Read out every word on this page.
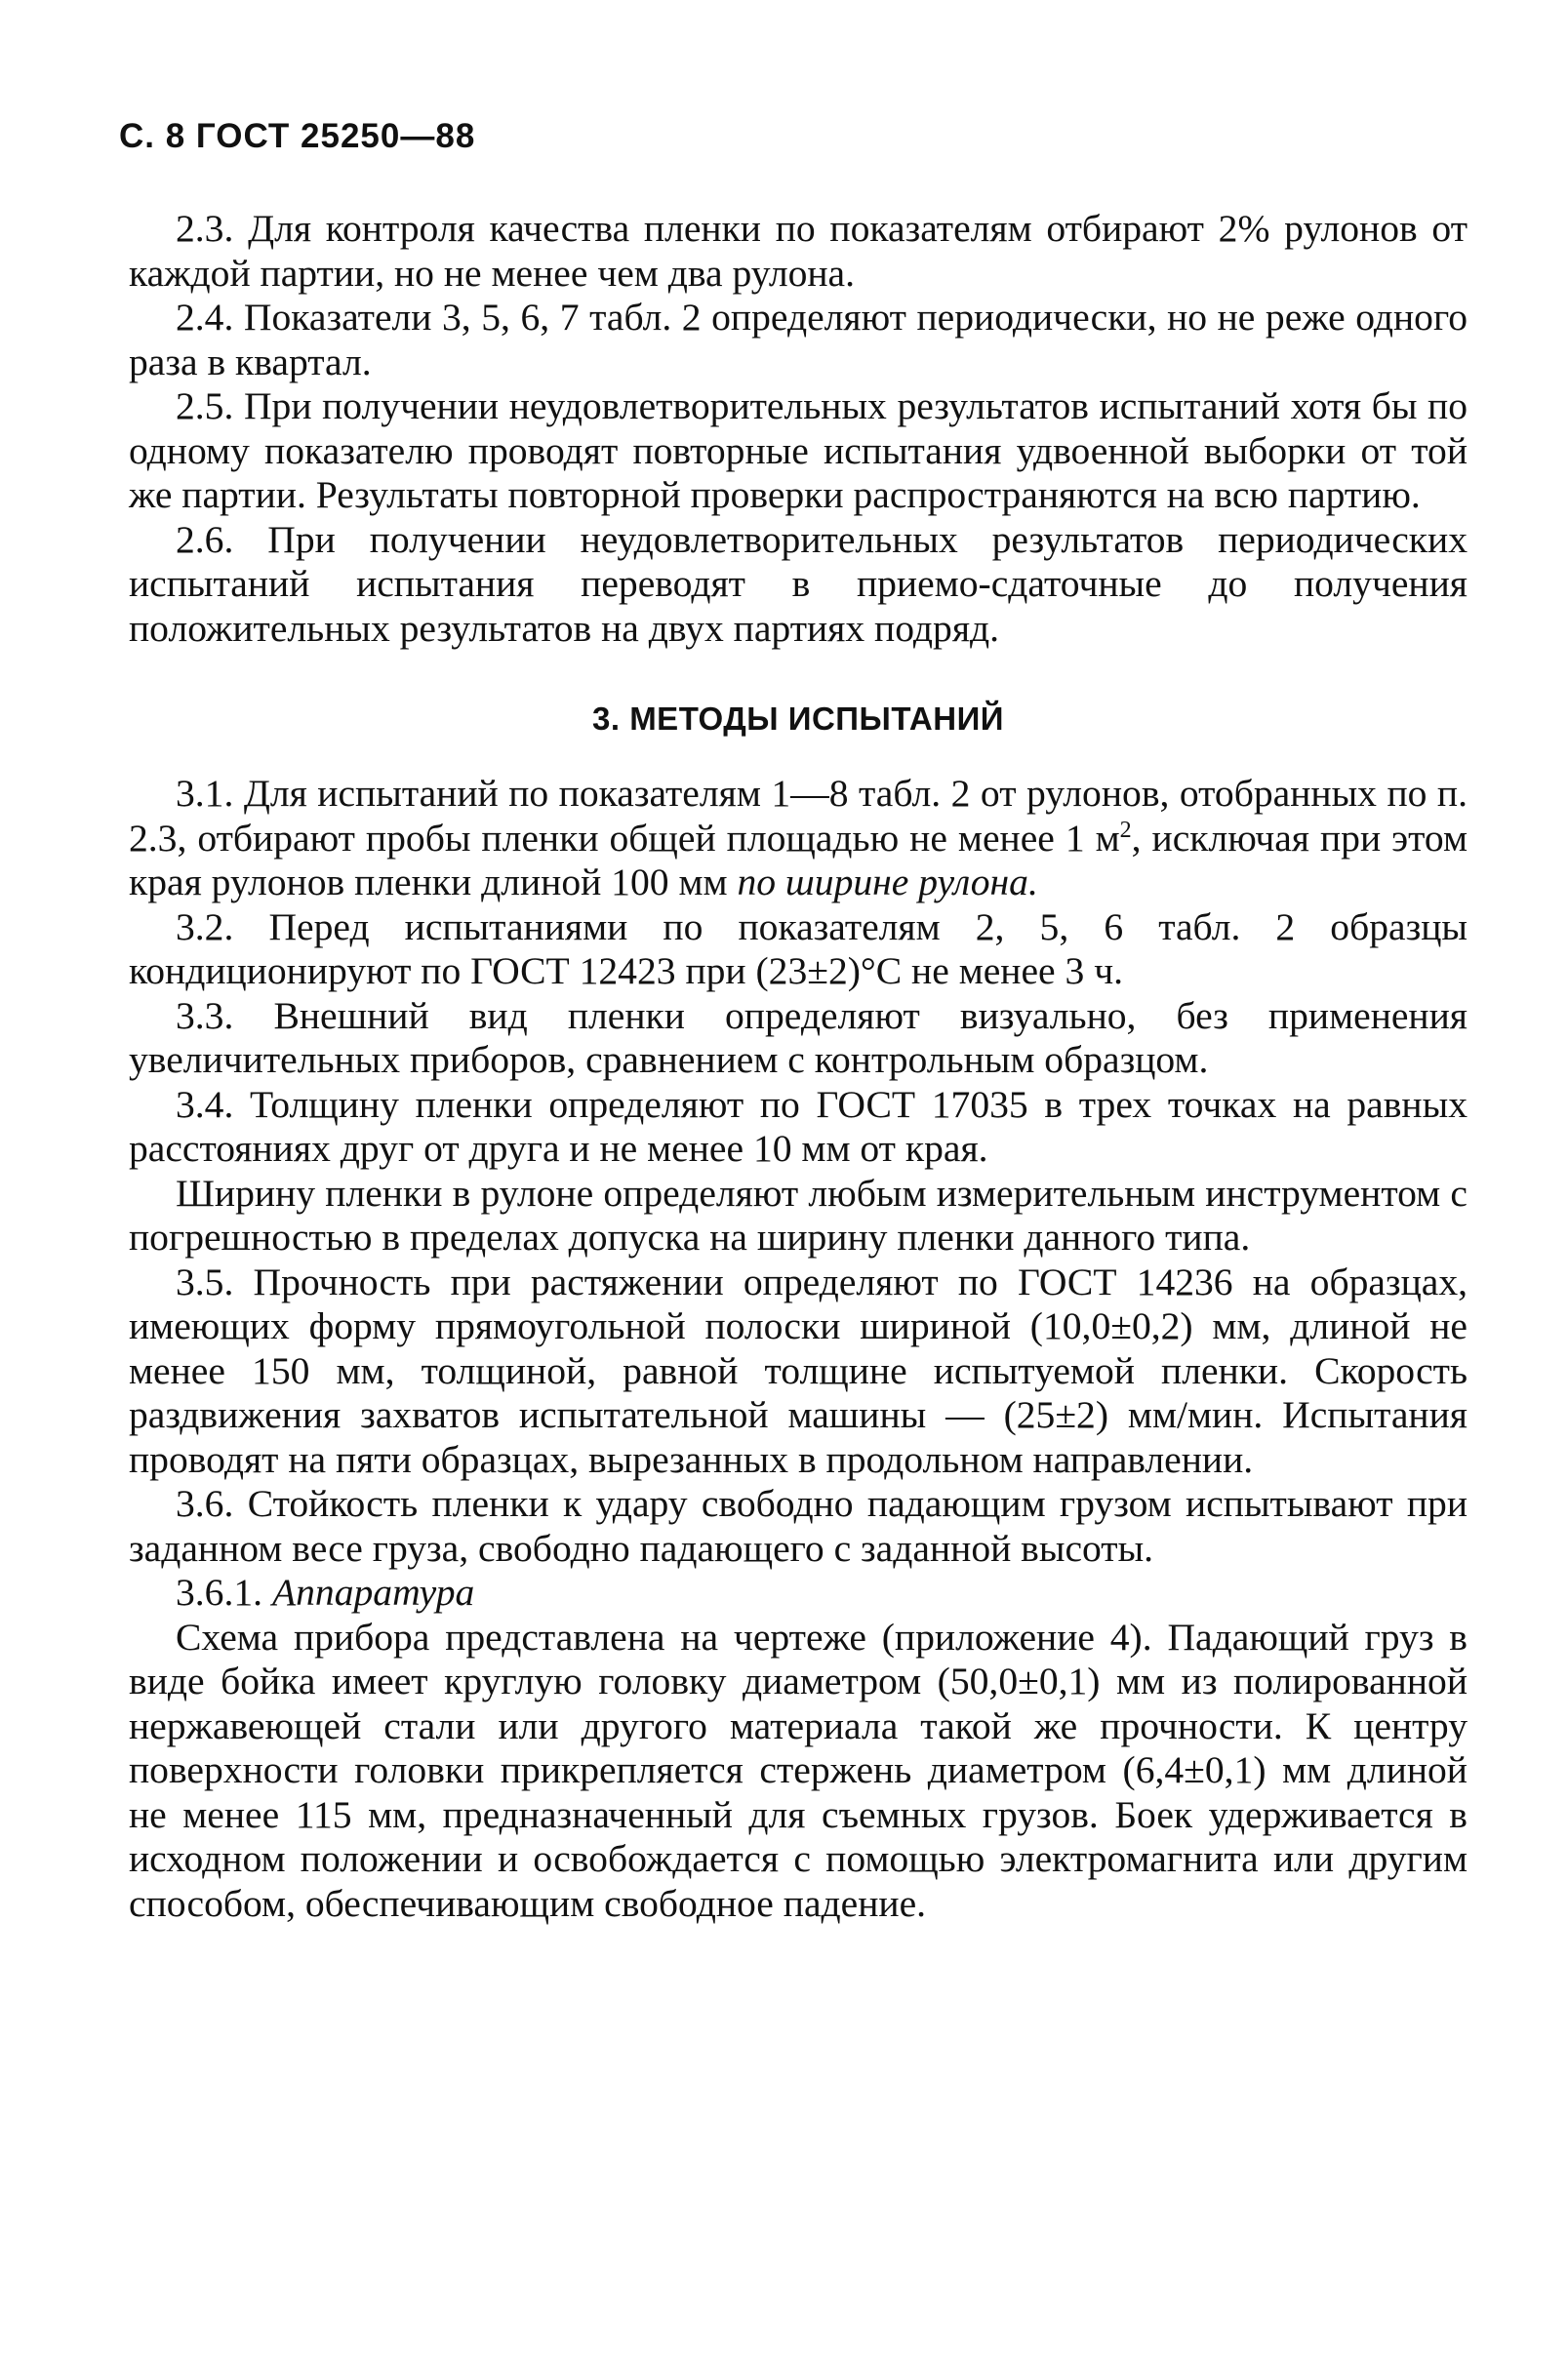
С. 8 ГОСТ 25250—88

2.3. Для контроля качества пленки по показателям отбирают 2% рулонов от каждой партии, но не менее чем два рулона.

2.4. Показатели 3, 5, 6, 7 табл. 2 определяют периодически, но не реже одного раза в квартал.

2.5. При получении неудовлетворительных результатов испытаний хотя бы по одному показателю проводят повторные испытания удвоенной выборки от той же партии. Результаты повторной проверки распространяются на всю партию.

2.6. При получении неудовлетворительных результатов периодических испытаний испытания переводят в приемо-сдаточные до получения положительных результатов на двух партиях подряд.

3. МЕТОДЫ ИСПЫТАНИЙ

3.1. Для испытаний по показателям 1—8 табл. 2 от рулонов, отобранных по п. 2.3, отбирают пробы пленки общей площадью не менее 1 $м^2$, исключая при этом края рулонов пленки длиной 100 мм по ширине рулона.

3.2. Перед испытаниями по показателям 2, 5, 6 табл. 2 образцы кондиционируют по ГОСТ 12423 при (23±2)°С не менее 3 ч.

3.3. Внешний вид пленки определяют визуально, без применения увеличительных приборов, сравнением с контрольным образцом.

3.4. Толщину пленки определяют по ГОСТ 17035 в трех точках на равных расстояниях друг от друга и не менее 10 мм от края.

Ширину пленки в рулоне определяют любым измерительным инструментом с погрешностью в пределах допуска на ширину пленки данного типа.

3.5. Прочность при растяжении определяют по ГОСТ 14236 на образцах, имеющих форму прямоугольной полоски шириной (10,0±0,2) мм, длиной не менее 150 мм, толщиной, равной толщине испытуемой пленки. Скорость раздвижения захватов испытательной машины — (25±2) мм/мин. Испытания проводят на пяти образцах, вырезанных в продольном направлении.

3.6. Стойкость пленки к удару свободно падающим грузом испытывают при заданном весе груза, свободно падающего с заданной высоты.

3.6.1. Аппаратура

Схема прибора представлена на чертеже (приложение 4). Падающий груз в виде бойка имеет круглую головку диаметром (50,0±0,1) мм из полированной нержавеющей стали или другого материала такой же прочности. К центру поверхности головки прикрепляется стержень диаметром (6,4±0,1) мм длиной не менее 115 мм, предназначенный для съемных грузов. Боек удерживается в исходном положении и освобождается с помощью электромагнита или другим способом, обеспечивающим свободное падение.
